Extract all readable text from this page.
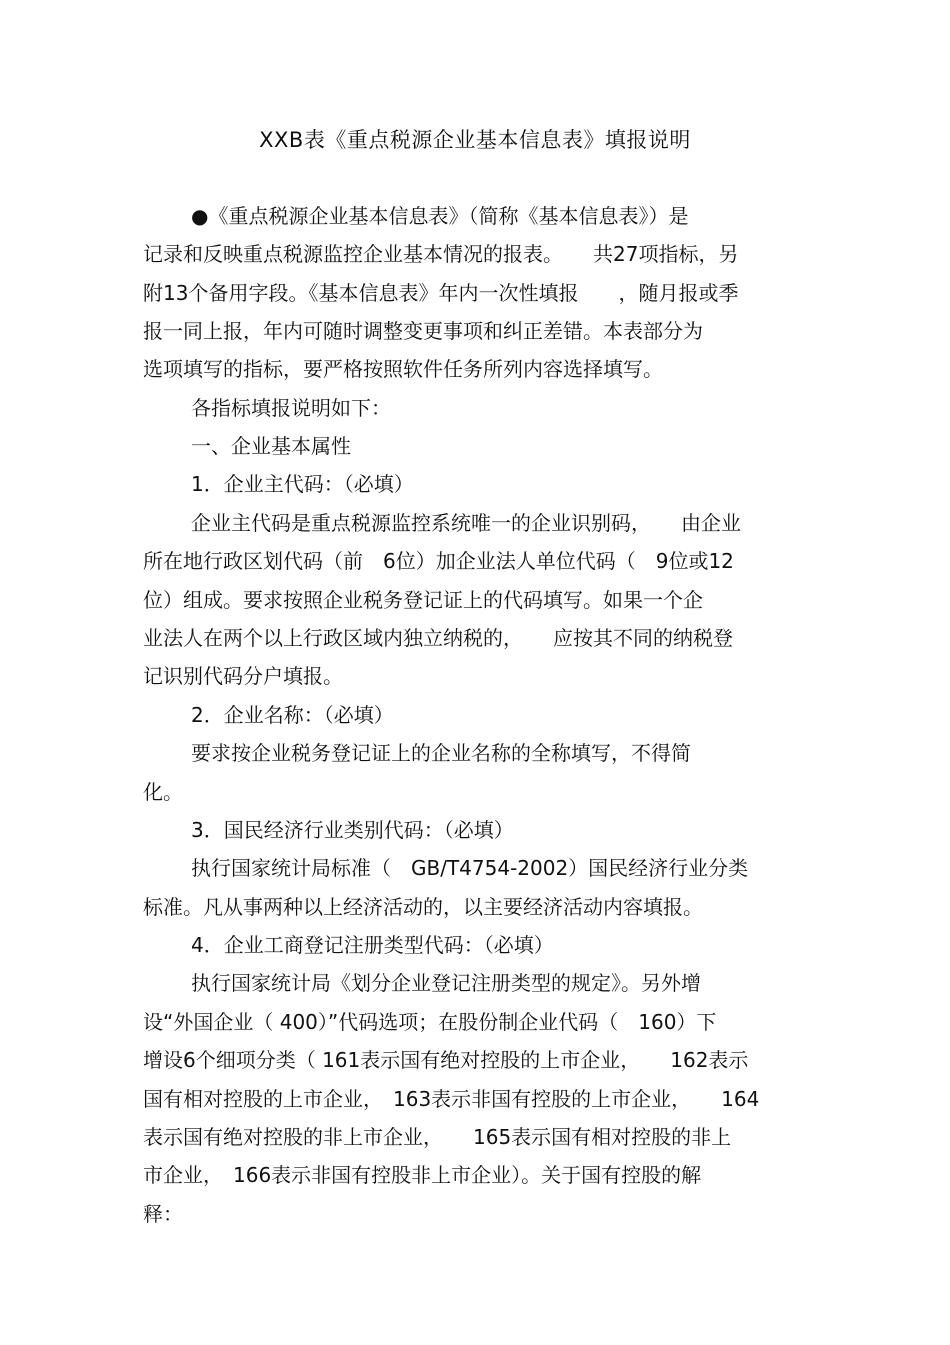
XXB表《重点税源企业基本信息表》填报说明
●《重点税源企业基本信息表》（简称《基本信息表》）是
记录和反映重点税源监控企业基本情况的报表。　　共27项指标，另
附13个备用字段。《基本信息表》年内一次性填报　　，随月报或季
报一同上报，年内可随时调整变更事项和纠正差错。本表部分为
选项填写的指标，要严格按照软件任务所列内容选择填写。
各指标填报说明如下：
一、企业基本属性
1．企业主代码：（必填）
企业主代码是重点税源监控系统唯一的企业识别码，　　由企业
所在地行政区划代码（前　6位）加企业法人单位代码（　9位或12
位）组成。要求按照企业税务登记证上的代码填写。如果一个企
业法人在两个以上行政区域内独立纳税的，　　应按其不同的纳税登
记识别代码分户填报。
2．企业名称：（必填）
要求按企业税务登记证上的企业名称的全称填写，不得简
化。
3．国民经济行业类别代码：（必填）
执行国家统计局标准（　GB/T4754-2002）国民经济行业分类
标准。凡从事两种以上经济活动的，以主要经济活动内容填报。
4．企业工商登记注册类型代码：（必填）
执行国家统计局《划分企业登记注册类型的规定》。另外增
设“外国企业（ 400）”代码选项；在股份制企业代码（　160）下
增设6个细项分类（ 161表示国有绝对控股的上市企业，　　162表示
国有相对控股的上市企业，　163表示非国有控股的上市企业，　　164
表示国有绝对控股的非上市企业，　　165表示国有相对控股的非上
市企业，　166表示非国有控股非上市企业）。关于国有控股的解
释：
